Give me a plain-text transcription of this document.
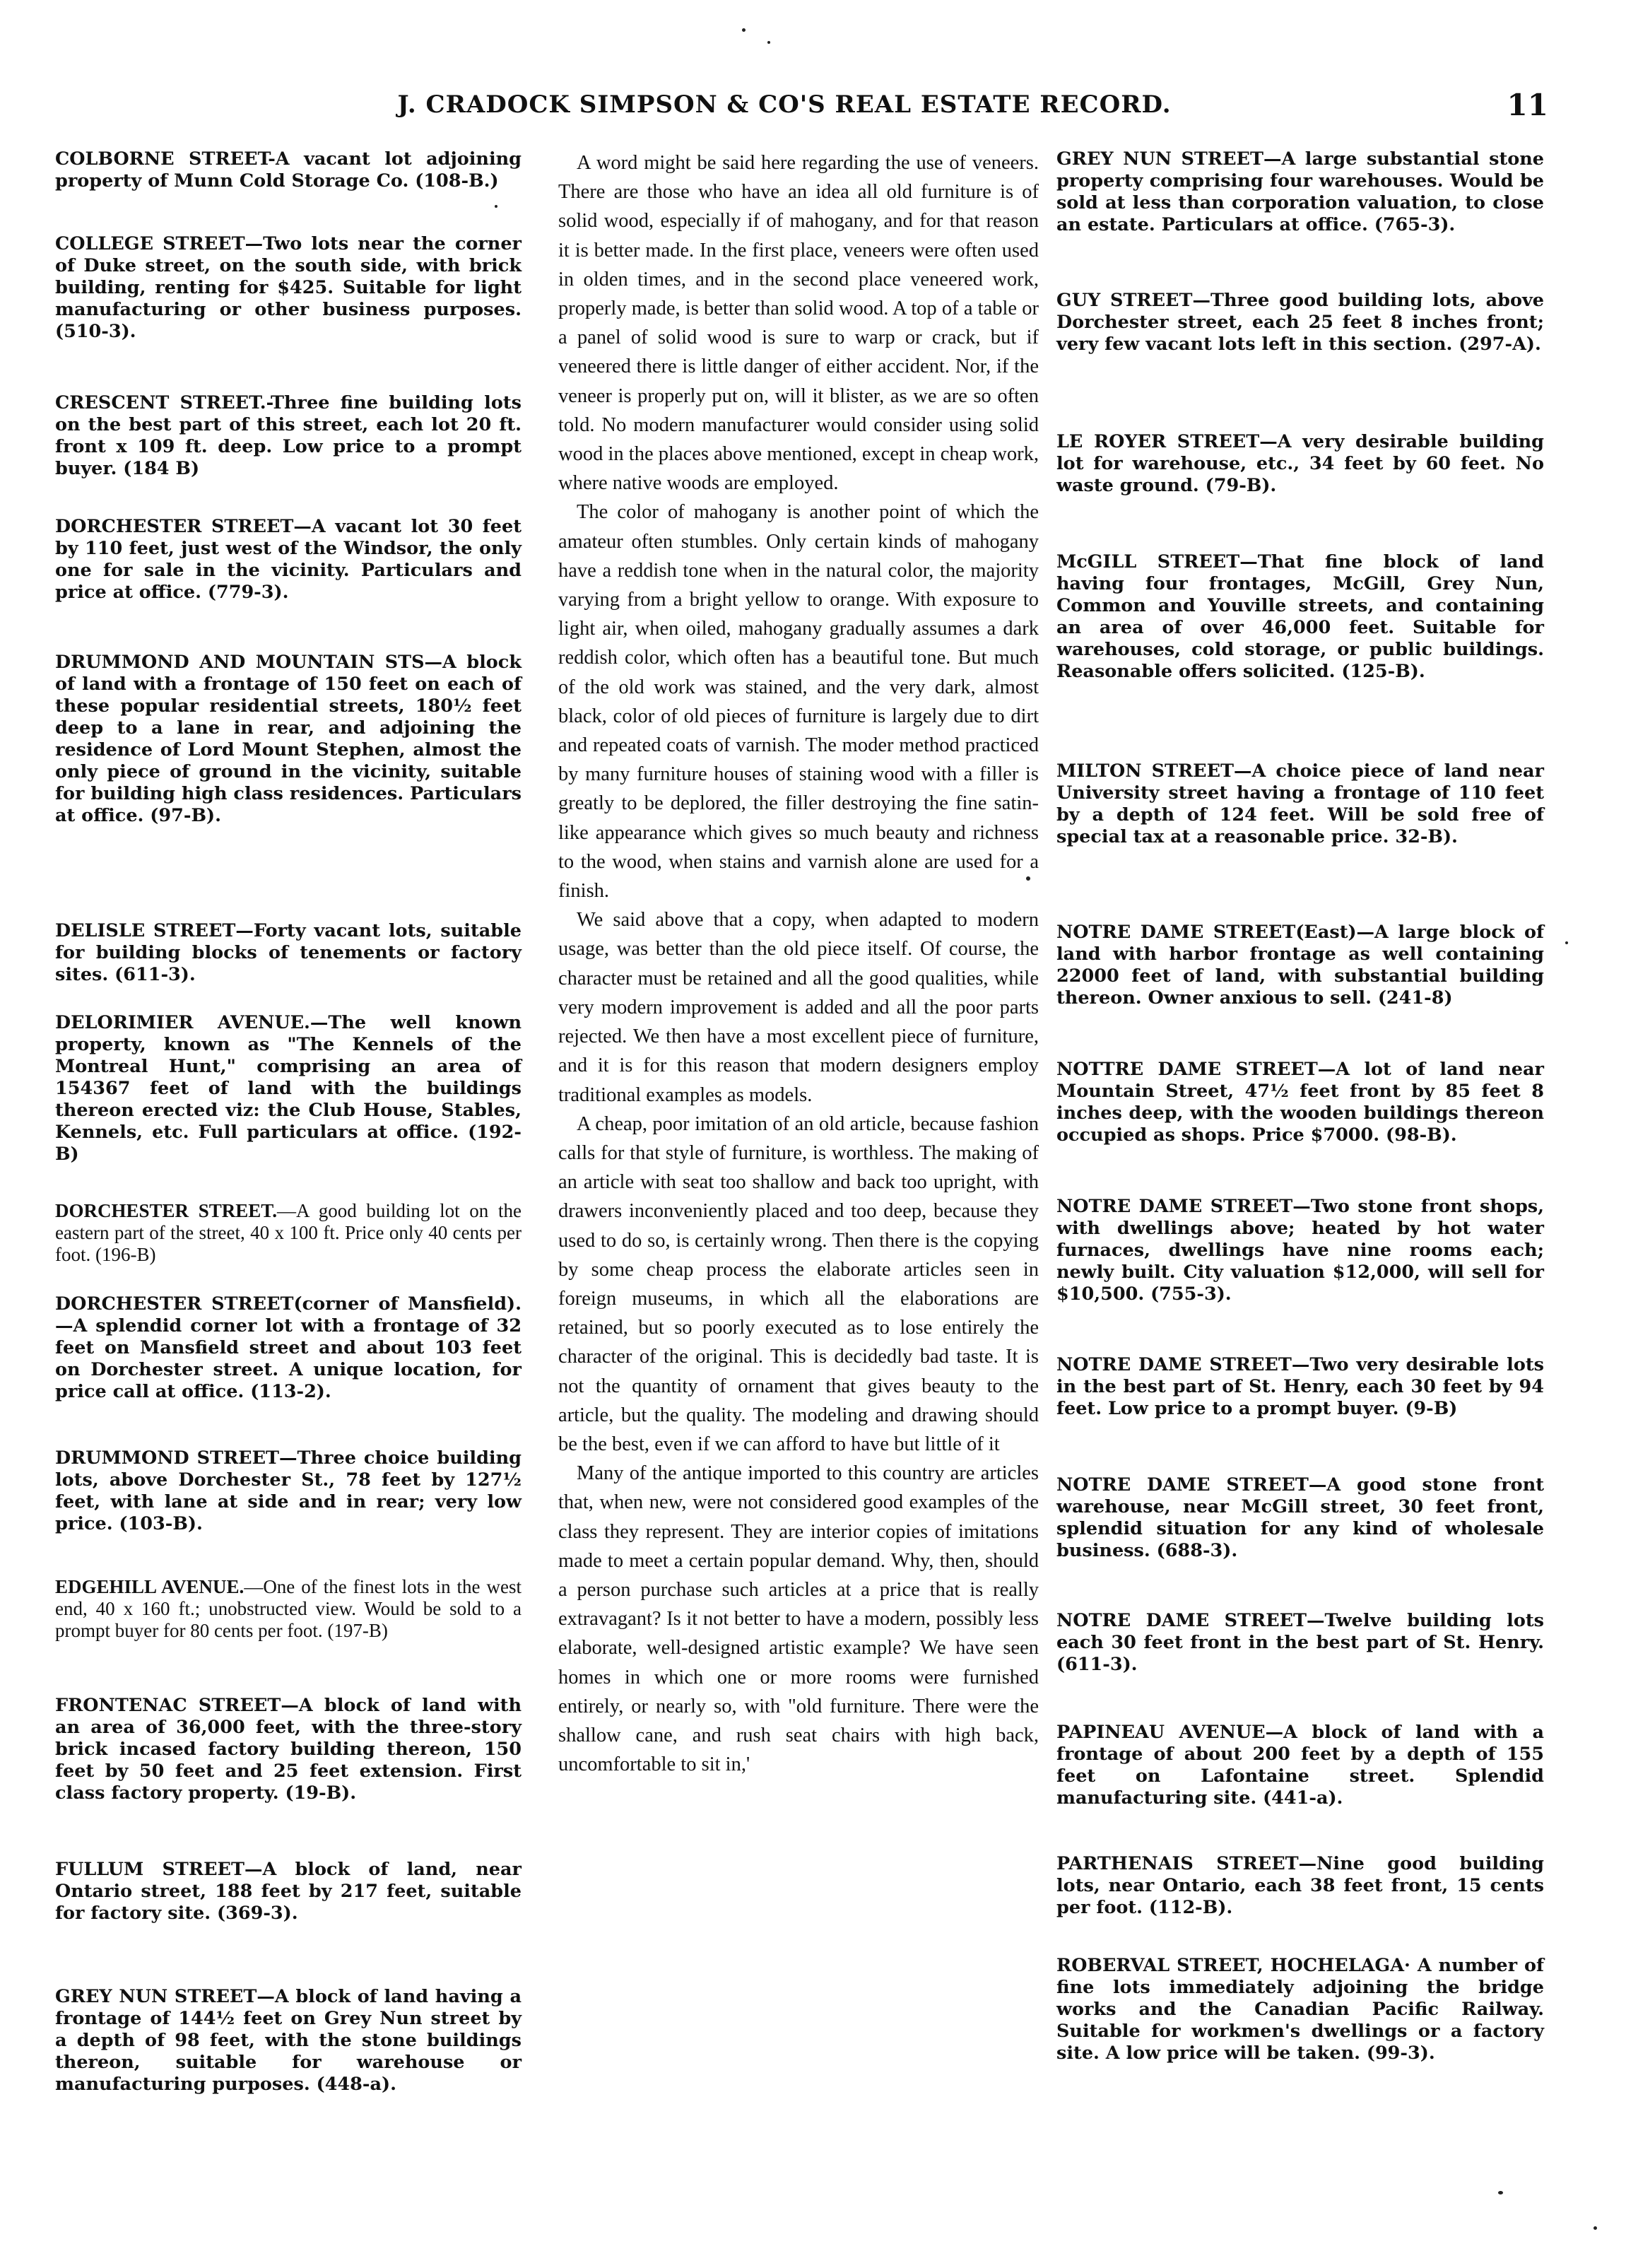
J. CRADOCK SIMPSON & CO'S REAL ESTATE RECORD.	11

COLBORNE STREET-A vacant lot adjoining property of Munn Cold Storage Co. (108-B.)

COLLEGE STREET—Two lots near the corner of Duke street, on the south side, with brick building, renting for $425. Suitable for light manufacturing or other business purposes. (510-3).

CRESCENT STREET.-Three fine building lots on the best part of this street, each lot 20 ft. front x 109 ft. deep. Low price to a prompt buyer. (184 B)

DORCHESTER STREET—A vacant lot 30 feet by 110 feet, just west of the Windsor, the only one for sale in the vicinity. Particulars and price at office. (779-3).

DRUMMOND AND MOUNTAIN STS—A block of land with a frontage of 150 feet on each of these popular residential streets, 180½ feet deep to a lane in rear, and adjoining the residence of Lord Mount Stephen, almost the only piece of ground in the vicinity, suitable for building high class residences. Particulars at office. (97-B).

DELISLE STREET—Forty vacant lots, suitable for building blocks of tenements or factory sites. (611-3).

DELORIMIER AVENUE.—The well known property, known as "The Kennels of the Montreal Hunt," comprising an area of 154367 feet of land with the buildings thereon erected viz: the Club House, Stables, Kennels, etc. Full particulars at office. (192-B)

DORCHESTER STREET.—A good building lot on the eastern part of the street, 40 x 100 ft. Price only 40 cents per foot. (196-B)

DORCHESTER STREET(corner of Mansfield).—A splendid corner lot with a frontage of 32 feet on Mansfield street and about 103 feet on Dorchester street. A unique location, for price call at office. (113-2).

DRUMMOND STREET—Three choice building lots, above Dorchester St., 78 feet by 127½ feet, with lane at side and in rear; very low price. (103-B).

EDGEHILL AVENUE.—One of the finest lots in the west end, 40 x 160 ft.; unobstructed view. Would be sold to a prompt buyer for 80 cents per foot. (197-B)

FRONTENAC STREET—A block of land with an area of 36,000 feet, with the three-story brick incased factory building thereon, 150 feet by 50 feet and 25 feet extension. First class factory property. (19-B).

FULLUM STREET—A block of land, near Ontario street, 188 feet by 217 feet, suitable for factory site. (369-3).

GREY NUN STREET—A block of land having a frontage of 144½ feet on Grey Nun street by a depth of 98 feet, with the stone buildings thereon, suitable for warehouse or manufacturing purposes. (448-a).

A word might be said here regarding the use of veneers. There are those who have an idea all old furniture is of solid wood, especially if of mahogany, and for that reason it is better made. In the first place, veneers were often used in olden times, and in the second place veneered work, properly made, is better than solid wood. A top of a table or a panel of solid wood is sure to warp or crack, but if veneered there is little danger of either accident. Nor, if the veneer is properly put on, will it blister, as we are so often told. No modern manufacturer would consider using solid wood in the places above mentioned, except in cheap work, where native woods are employed.

The color of mahogany is another point of which the amateur often stumbles. Only certain kinds of mahogany have a reddish tone when in the natural color, the majority varying from a bright yellow to orange. With exposure to light air, when oiled, mahogany gradually assumes a dark reddish color, which often has a beautiful tone. But much of the old work was stained, and the very dark, almost black, color of old pieces of furniture is largely due to dirt and repeated coats of varnish. The moder method practiced by many furniture houses of staining wood with a filler is greatly to be deplored, the filler destroying the fine satin-like appearance which gives so much beauty and richness to the wood, when stains and varnish alone are used for a finish.

We said above that a copy, when adapted to modern usage, was better than the old piece itself. Of course, the character must be retained and all the good qualities, while very modern improvement is added and all the poor parts rejected. We then have a most excellent piece of furniture, and it is for this reason that modern designers employ traditional examples as models.

A cheap, poor imitation of an old article, because fashion calls for that style of furniture, is worthless. The making of an article with seat too shallow and back too upright, with drawers inconveniently placed and too deep, because they used to do so, is certainly wrong. Then there is the copying by some cheap process the elaborate articles seen in foreign museums, in which all the elaborations are retained, but so poorly executed as to lose entirely the character of the original. This is decidedly bad taste. It is not the quantity of ornament that gives beauty to the article, but the quality. The modeling and drawing should be the best, even if we can afford to have but little of it

Many of the antique imported to this country are articles that, when new, were not considered good examples of the class they represent. They are interior copies of imitations made to meet a certain popular demand. Why, then, should a person purchase such articles at a price that is really extravagant? Is it not better to have a modern, possibly less elaborate, well-designed artistic example? We have seen homes in which one or more rooms were furnished entirely, or nearly so, with "old furniture. There were the shallow cane, and rush seat chairs with high back, uncomfortable to sit in,'

GREY NUN STREET—A large substantial stone property comprising four warehouses. Would be sold at less than corporation valuation, to close an estate. Particulars at office. (765-3).

GUY STREET—Three good building lots, above Dorchester street, each 25 feet 8 inches front; very few vacant lots left in this section. (297-A).

LE ROYER STREET—A very desirable building lot for warehouse, etc., 34 feet by 60 feet. No waste ground. (79-B).

McGILL STREET—That fine block of land having four frontages, McGill, Grey Nun, Common and Youville streets, and containing an area of over 46,000 feet. Suitable for warehouses, cold storage, or public buildings. Reasonable offers solicited. (125-B).

MILTON STREET—A choice piece of land near University street having a frontage of 110 feet by a depth of 124 feet. Will be sold free of special tax at a reasonable price. 32-B).

NOTRE DAME STREET(East)—A large block of land with harbor frontage as well containing 22000 feet of land, with substantial building thereon. Owner anxious to sell. (241-8)

NOTTRE DAME STREET—A lot of land near Mountain Street, 47½ feet front by 85 feet 8 inches deep, with the wooden buildings thereon occupied as shops. Price $7000. (98-B).

NOTRE DAME STREET—Two stone front shops, with dwellings above; heated by hot water furnaces, dwellings have nine rooms each; newly built. City valuation $12,000, will sell for $10,500. (755-3).

NOTRE DAME STREET—Two very desirable lots in the best part of St. Henry, each 30 feet by 94 feet. Low price to a prompt buyer. (9-B)

NOTRE DAME STREET—A good stone front warehouse, near McGill street, 30 feet front, splendid situation for any kind of wholesale business. (688-3).

NOTRE DAME STREET—Twelve building lots each 30 feet front in the best part of St. Henry. (611-3).

PAPINEAU AVENUE—A block of land with a frontage of about 200 feet by a depth of 155 feet on Lafontaine street. Splendid manufacturing site. (441-a).

PARTHENAIS STREET—Nine good building lots, near Ontario, each 38 feet front, 15 cents per foot. (112-B).

ROBERVAL STREET, HOCHELAGA· A number of fine lots immediately adjoining the bridge works and the Canadian Pacific Railway. Suitable for workmen's dwellings or a factory site. A low price will be taken. (99-3).
